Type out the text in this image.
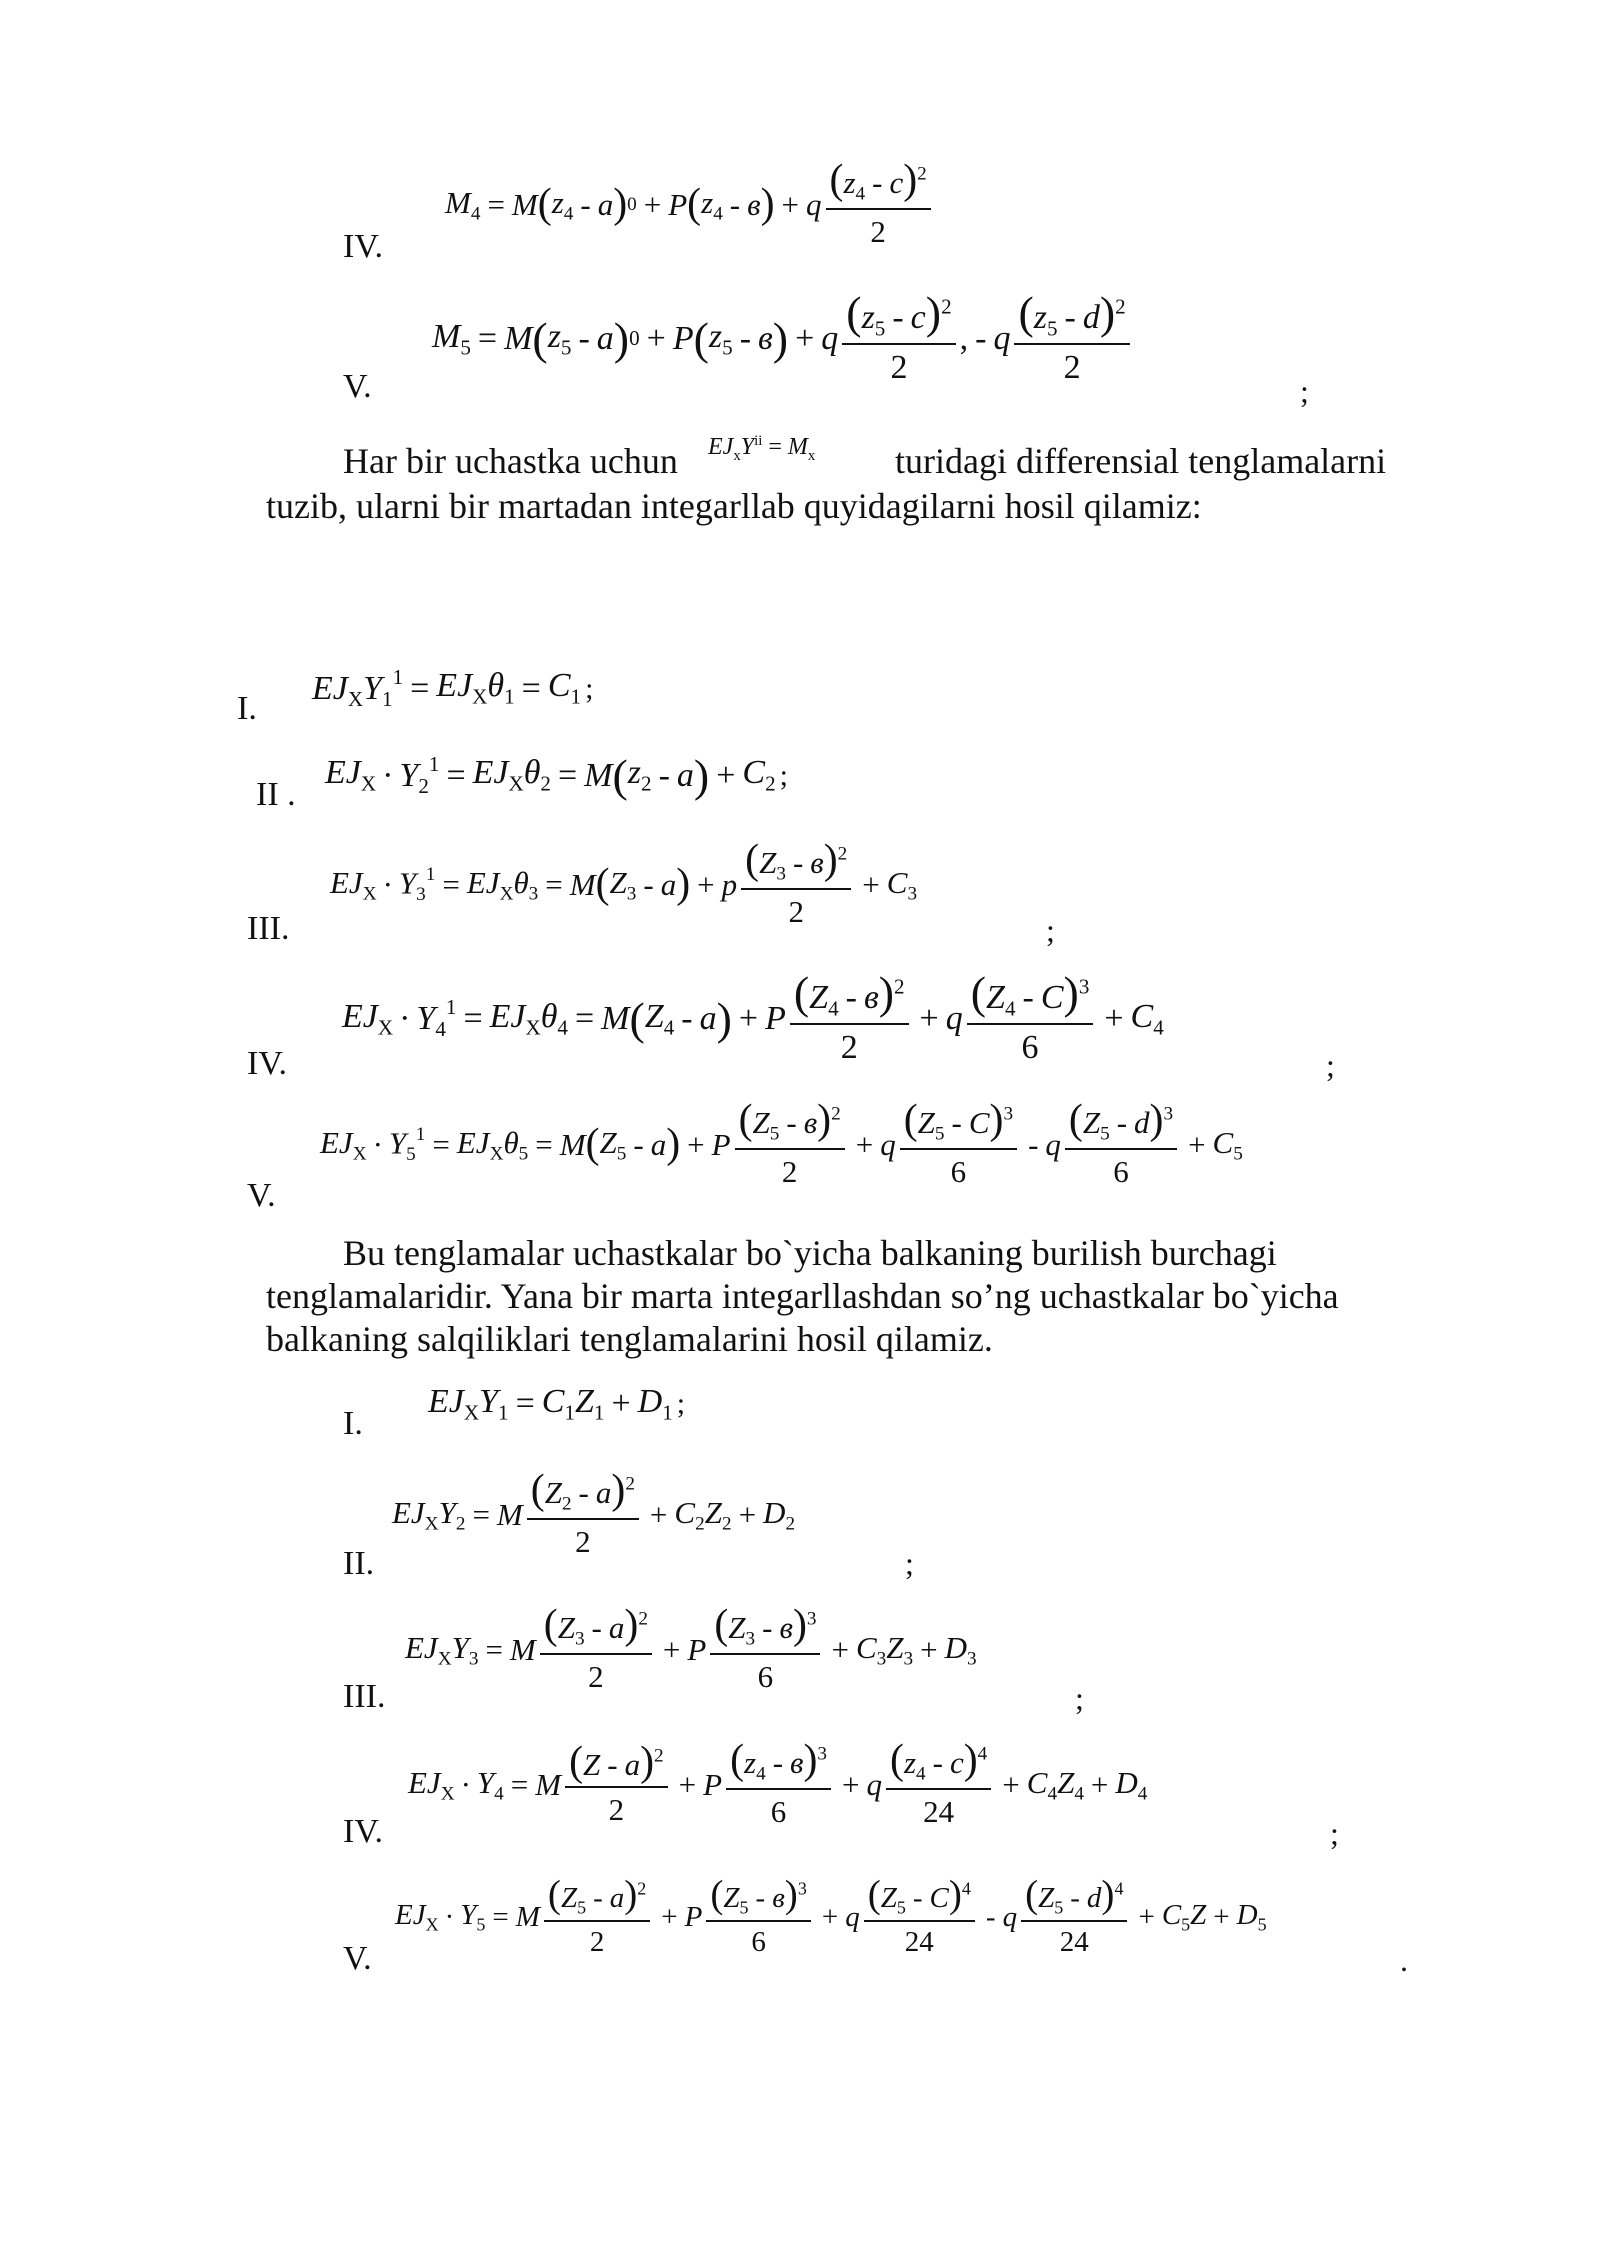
IV.
$M_4 = M$ ( $z_4$ - a ) 0 + P ( $z_4$ - в ) + q $\frac{(z_4 - c)^2}{2}$
V.
$M_5 = M$ ( $z_5$ - a ) 0 + P ( $z_5$ - в ) + q $\frac{(z_5 - c)^2}{2}$ , - q $\frac{(z_5 - d)^2}{2}$
;
Har bir uchastka uchun $EJ_xY^{ii} = M_x$ turidagi differensial tenglamalarni
tuzib, ularni bir martadan integarllab quyidagilarni hosil qilamiz:
I.
$EJ_XY_1^1 = EJ_X\theta_1 = C_1$ ;
II .
$EJ_X \cdot Y_2^1 = EJ_X\theta_2 = M$ ( $z_2$ - a ) + $C_2$ ;
III.
$EJ_X \cdot Y_3^1 = EJ_X\theta_3 = M$ ( $Z_3$ - a ) + p $\frac{(Z_3 - в)^2}{2} + C_3$
;
IV.
$EJ_X \cdot Y_4^1 = EJ_X\theta_4 = M$ ( $Z_4$ - a ) + P $\frac{(Z_4 - в)^2}{2} + q \frac{(Z_4 - C)^3}{6} + C_4$
;
V.
$EJ_X \cdot Y_5^1 = EJ_X\theta_5 = M$ ( $Z_5$ - a ) + P $\frac{(Z_5 - в)^2}{2} + q \frac{(Z_5 - C)^3}{6} - q \frac{(Z_5 - d)^3}{6} + C_5$
Bu tenglamalar uchastkalar bo`yicha balkaning burilish burchagi tenglamalaridir. Yana bir marta integarllashdan so’ng uchastkalar bo`yicha balkaning salqiliklari tenglamalarini hosil qilamiz.
I.
$EJ_XY_1 = C_1Z_1 + D_1$ ;
II.
$EJ_XY_2 = M \frac{(Z_2 - a)^2}{2} + C_2Z_2 + D_2$
;
III.
$EJ_XY_3 = M \frac{(Z_3 - a)^2}{2} + P \frac{(Z_3 - в)^3}{6} + C_3Z_3 + D_3$
;
IV.
$EJ_X \cdot Y_4 = M \frac{(Z - a)^2}{2} + P \frac{(z_4 - в)^3}{6} + q \frac{(z_4 - c)^4}{24} + C_4Z_4 + D_4$
;
V.
$EJ_X \cdot Y_5 = M \frac{(Z_5 - a)^2}{2} + P \frac{(Z_5 - в)^3}{6} + q \frac{(Z_5 - C)^4}{24} - q \frac{(Z_5 - d)^4}{24} + C_5Z + D_5$
.
